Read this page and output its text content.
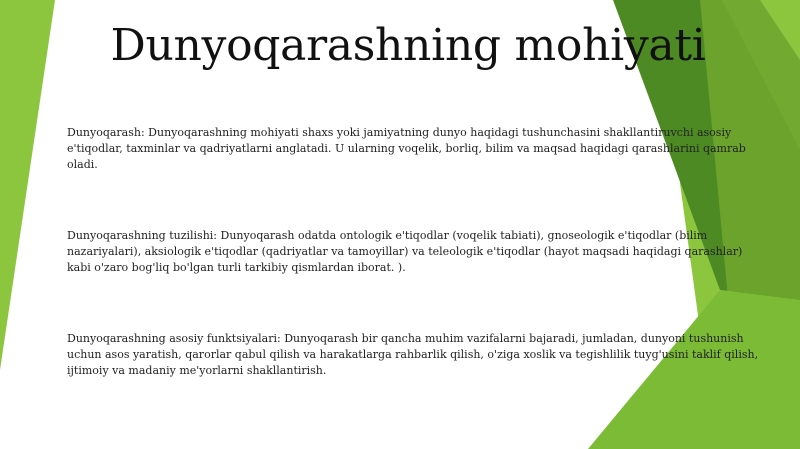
Dunyoqarashning mohiyati

Dunyoqarash: Dunyoqarashning mohiyati shaxs yoki jamiyatning dunyo haqidagi tushunchasini shakllantiruvchi asosiy e'tiqodlar, taxminlar va qadriyatlarni anglatadi. U ularning voqelik, borliq, bilim va maqsad haqidagi qarashlarini qamrab oladi.

Dunyoqarashning tuzilishi: Dunyoqarash odatda ontologik e'tiqodlar (voqelik tabiati), gnoseologik e'tiqodlar (bilim nazariyalari), aksiologik e'tiqodlar (qadriyatlar va tamoyillar) va teleologik e'tiqodlar (hayot maqsadi haqidagi qarashlar) kabi o'zaro bog'liq bo'lgan turli tarkibiy qismlardan iborat. ).

Dunyoqarashning asosiy funktsiyalari: Dunyoqarash bir qancha muhim vazifalarni bajaradi, jumladan, dunyoni tushunish uchun asos yaratish, qarorlar qabul qilish va harakatlarga rahbarlik qilish, o'ziga xoslik va tegishlilik tuyg'usini taklif qilish, ijtimoiy va madaniy me'yorlarni shakllantirish.
